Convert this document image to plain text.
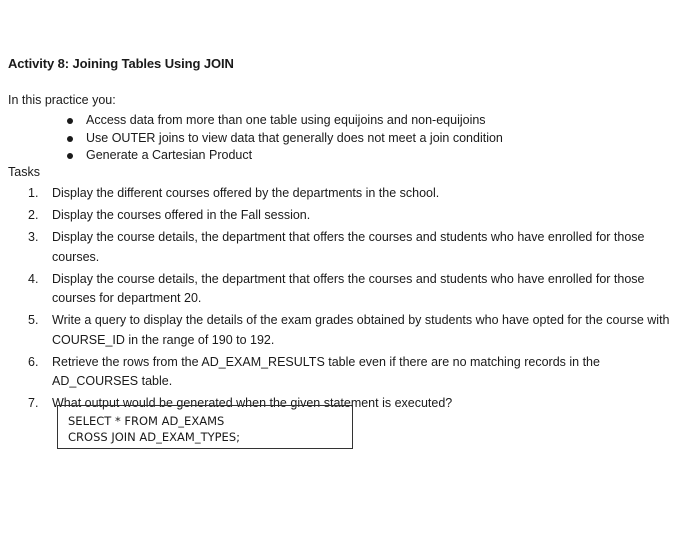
Activity 8: Joining Tables Using JOIN
In this practice you:
Access data from more than one table using equijoins and non-equijoins
Use OUTER joins to view data that generally does not meet a join condition
Generate a Cartesian Product
Tasks
1. Display the different courses offered by the departments in the school.
2. Display the courses offered in the Fall session.
3. Display the course details, the department that offers the courses and students who have enrolled for those courses.
4. Display the course details, the department that offers the courses and students who have enrolled for those courses for department 20.
5. Write a query to display the details of the exam grades obtained by students who have opted for the course with COURSE_ID in the range of 190 to 192.
6. Retrieve the rows from the AD_EXAM_RESULTS table even if there are no matching records in the AD_COURSES table.
7. What output would be generated when the given statement is executed?
SELECT * FROM AD_EXAMS
CROSS JOIN AD_EXAM_TYPES;
